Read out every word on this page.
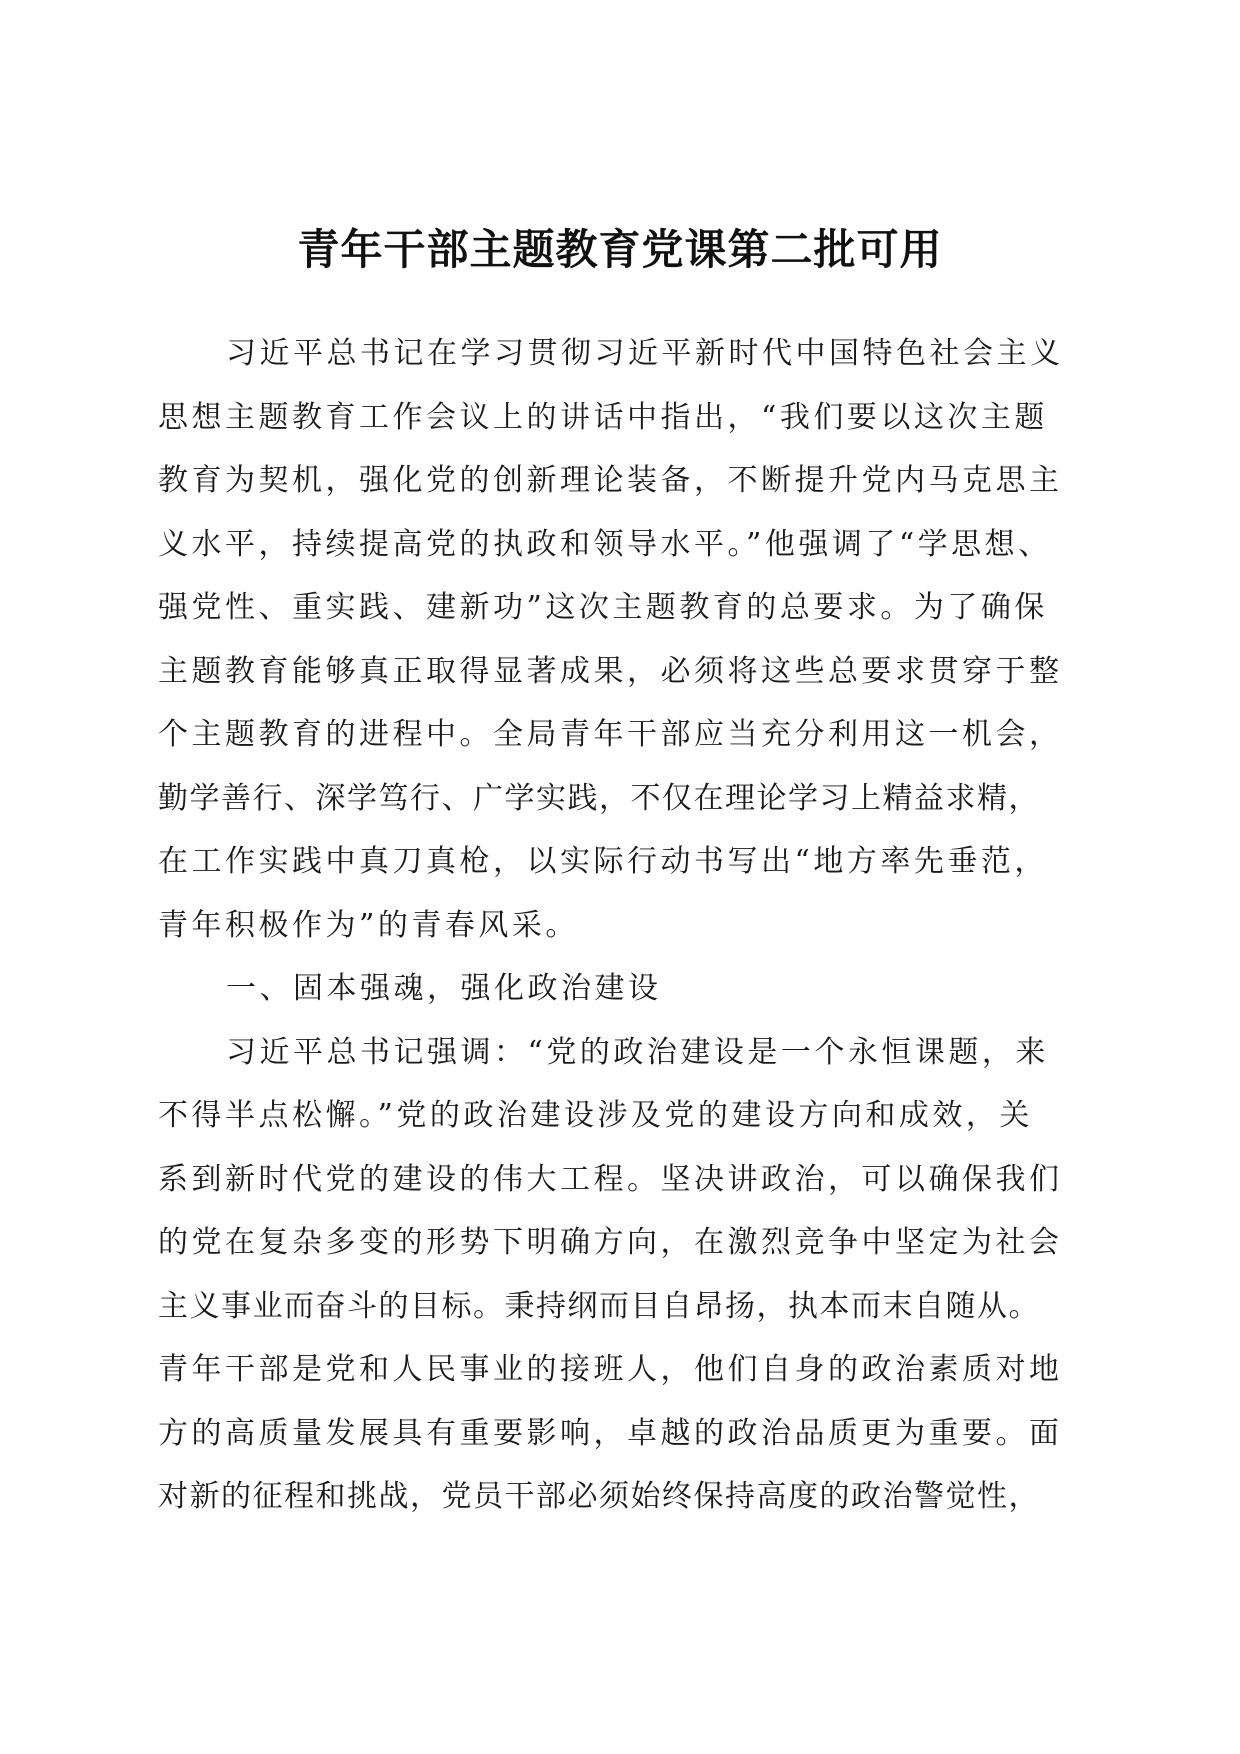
青年干部主题教育党课第二批可用
习近平总书记在学习贯彻习近平新时代中国特色社会主义
思想主题教育工作会议上的讲话中指出，“我们要以这次主题
教育为契机，强化党的创新理论装备，不断提升党内马克思主
义水平，持续提高党的执政和领导水平。”他强调了“学思想、
强党性、重实践、建新功”这次主题教育的总要求。为了确保
主题教育能够真正取得显著成果，必须将这些总要求贯穿于整
个主题教育的进程中。全局青年干部应当充分利用这一机会，
勤学善行、深学笃行、广学实践，不仅在理论学习上精益求精，
在工作实践中真刀真枪，以实际行动书写出“地方率先垂范，
青年积极作为”的青春风采。
一、固本强魂，强化政治建设
习近平总书记强调：“党的政治建设是一个永恒课题，来
不得半点松懈。”党的政治建设涉及党的建设方向和成效，关
系到新时代党的建设的伟大工程。坚决讲政治，可以确保我们
的党在复杂多变的形势下明确方向，在激烈竞争中坚定为社会
主义事业而奋斗的目标。秉持纲而目自昂扬，执本而末自随从。
青年干部是党和人民事业的接班人，他们自身的政治素质对地
方的高质量发展具有重要影响，卓越的政治品质更为重要。面
对新的征程和挑战，党员干部必须始终保持高度的政治警觉性，
